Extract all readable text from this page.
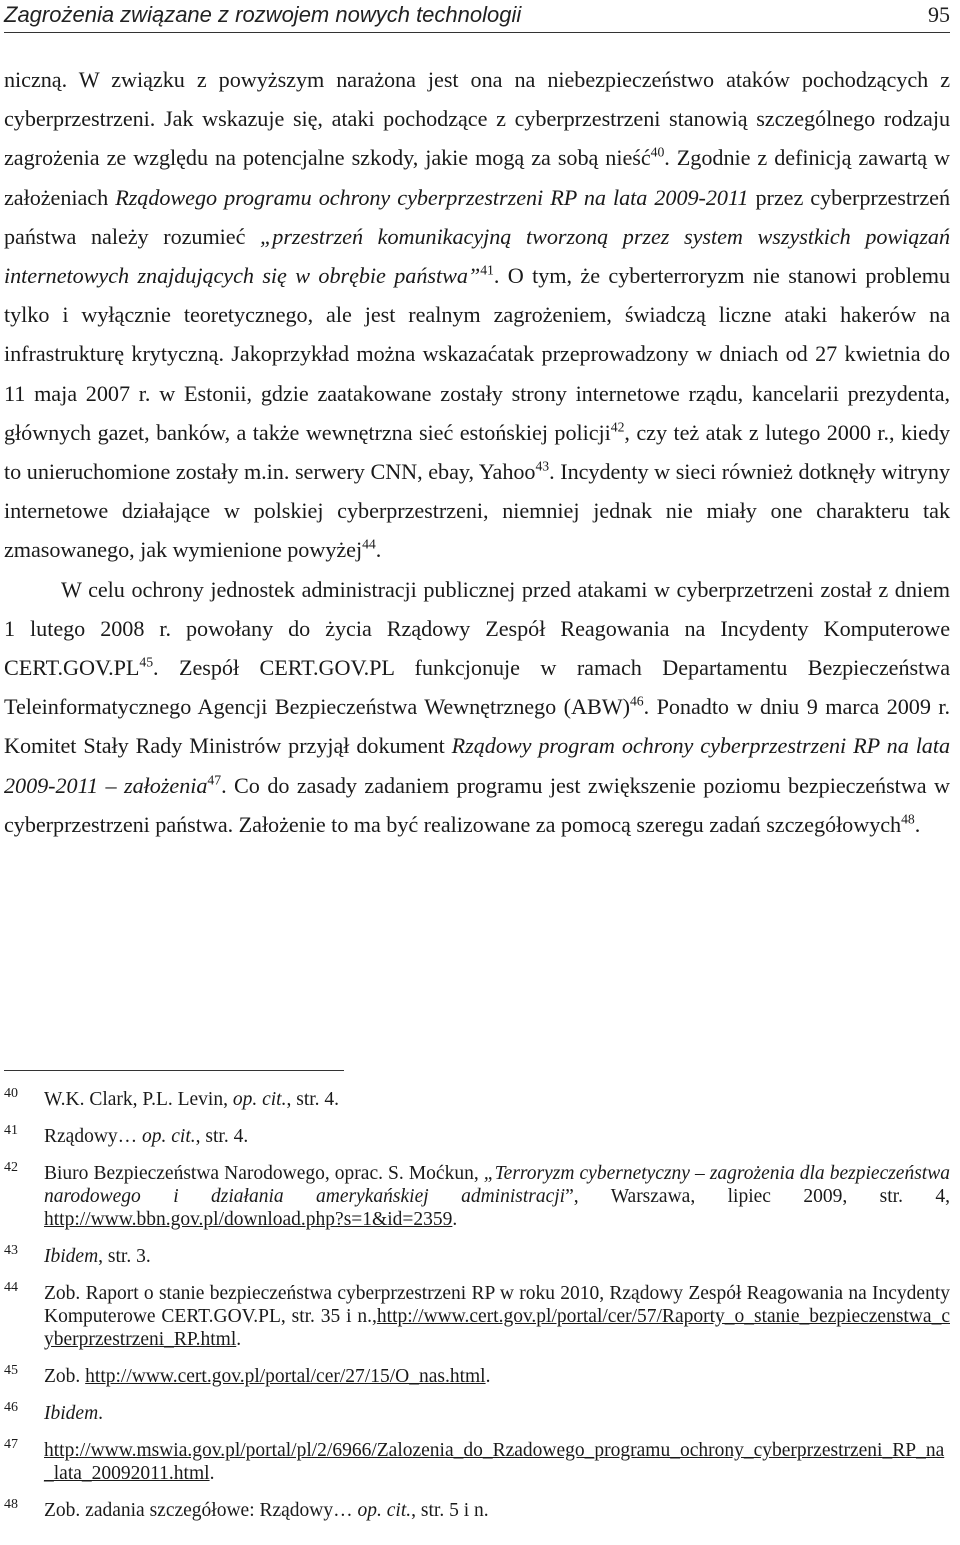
Zagrożenia związane z rozwojem nowych technologii	95

niczną. W związku z powyższym narażona jest ona na niebezpieczeństwo ataków pochodzących z cyberprzestrzeni. Jak wskazuje się, ataki pochodzące z cyberprzestrzeni stanowią szczególnego rodzaju zagrożenia ze względu na potencjalne szkody, jakie mogą za sobą nieść$^{40}$. Zgodnie z definicją zawartą w założeniach Rządowego programu ochrony cyberprzestrzeni RP na lata 2009-2011 przez cyberprzestrzeń państwa należy rozumieć „przestrzeń komunikacyjną tworzoną przez system wszystkich powiązań internetowych znajdujących się w obrębie państwa”$^{41}$. O tym, że cyberterroryzm nie stanowi problemu tylko i wyłącznie teoretycznego, ale jest realnym zagrożeniem, świadczą liczne ataki hakerów na infrastrukturę krytyczną. Jakoprzykład można wskazaćatak przeprowadzony w dniach od 27 kwietnia do 11 maja 2007 r. w Estonii, gdzie zaatakowane zostały strony internetowe rządu, kancelarii prezydenta, głównych gazet, banków, a także wewnętrzna sieć estońskiej policji$^{42}$, czy też atak z lutego 2000 r., kiedy to unieruchomione zostały m.in. serwery CNN, ebay, Yahoo$^{43}$. Incydenty w sieci również dotknęły witryny internetowe działające w polskiej cyberprzestrzeni, niemniej jednak nie miały one charakteru tak zmasowanego, jak wymienione powyżej$^{44}$.

W celu ochrony jednostek administracji publicznej przed atakami w cyberprzetrzeni został z dniem 1 lutego 2008 r. powołany do życia Rządowy Zespół Reagowania na Incydenty Komputerowe CERT.GOV.PL$^{45}$. Zespół CERT.GOV.PL funkcjonuje w ramach Departamentu Bezpieczeństwa Teleinformatycznego Agencji Bezpieczeństwa Wewnętrznego (ABW)$^{46}$. Ponadto w dniu 9 marca 2009 r. Komitet Stały Rady Ministrów przyjął dokument Rządowy program ochrony cyberprzestrzeni RP na lata 2009-2011 – założenia$^{47}$. Co do zasady zadaniem programu jest zwiększenie poziomu bezpieczeństwa w cyberprzestrzeni państwa. Założenie to ma być realizowane za pomocą szeregu zadań szczegółowych$^{48}$.

40 W.K. Clark, P.L. Levin, op. cit., str. 4.
41 Rządowy… op. cit., str. 4.
42 Biuro Bezpieczeństwa Narodowego, oprac. S. Moćkun, „Terroryzm cybernetyczny – zagrożenia dla bezpieczeństwa narodowego i działania amerykańskiej administracji”, Warszawa, lipiec 2009, str. 4, http://www.bbn.gov.pl/download.php?s=1&id=2359.
43 Ibidem, str. 3.
44 Zob. Raport o stanie bezpieczeństwa cyberprzestrzeni RP w roku 2010, Rządowy Zespół Reagowania na Incydenty Komputerowe CERT.GOV.PL, str. 35 i n.,http://www.cert.gov.pl/portal/cer/57/Raporty_o_stanie_bezpieczenstwa_cyberprzestrzeni_RP.html.
45 Zob. http://www.cert.gov.pl/portal/cer/27/15/O_nas.html.
46 Ibidem.
47 http://www.mswia.gov.pl/portal/pl/2/6966/Zalozenia_do_Rzadowego_programu_ochrony_cyberprzestrzeni_RP_na_lata_20092011.html.
48 Zob. zadania szczegółowe: Rządowy… op. cit., str. 5 i n.
